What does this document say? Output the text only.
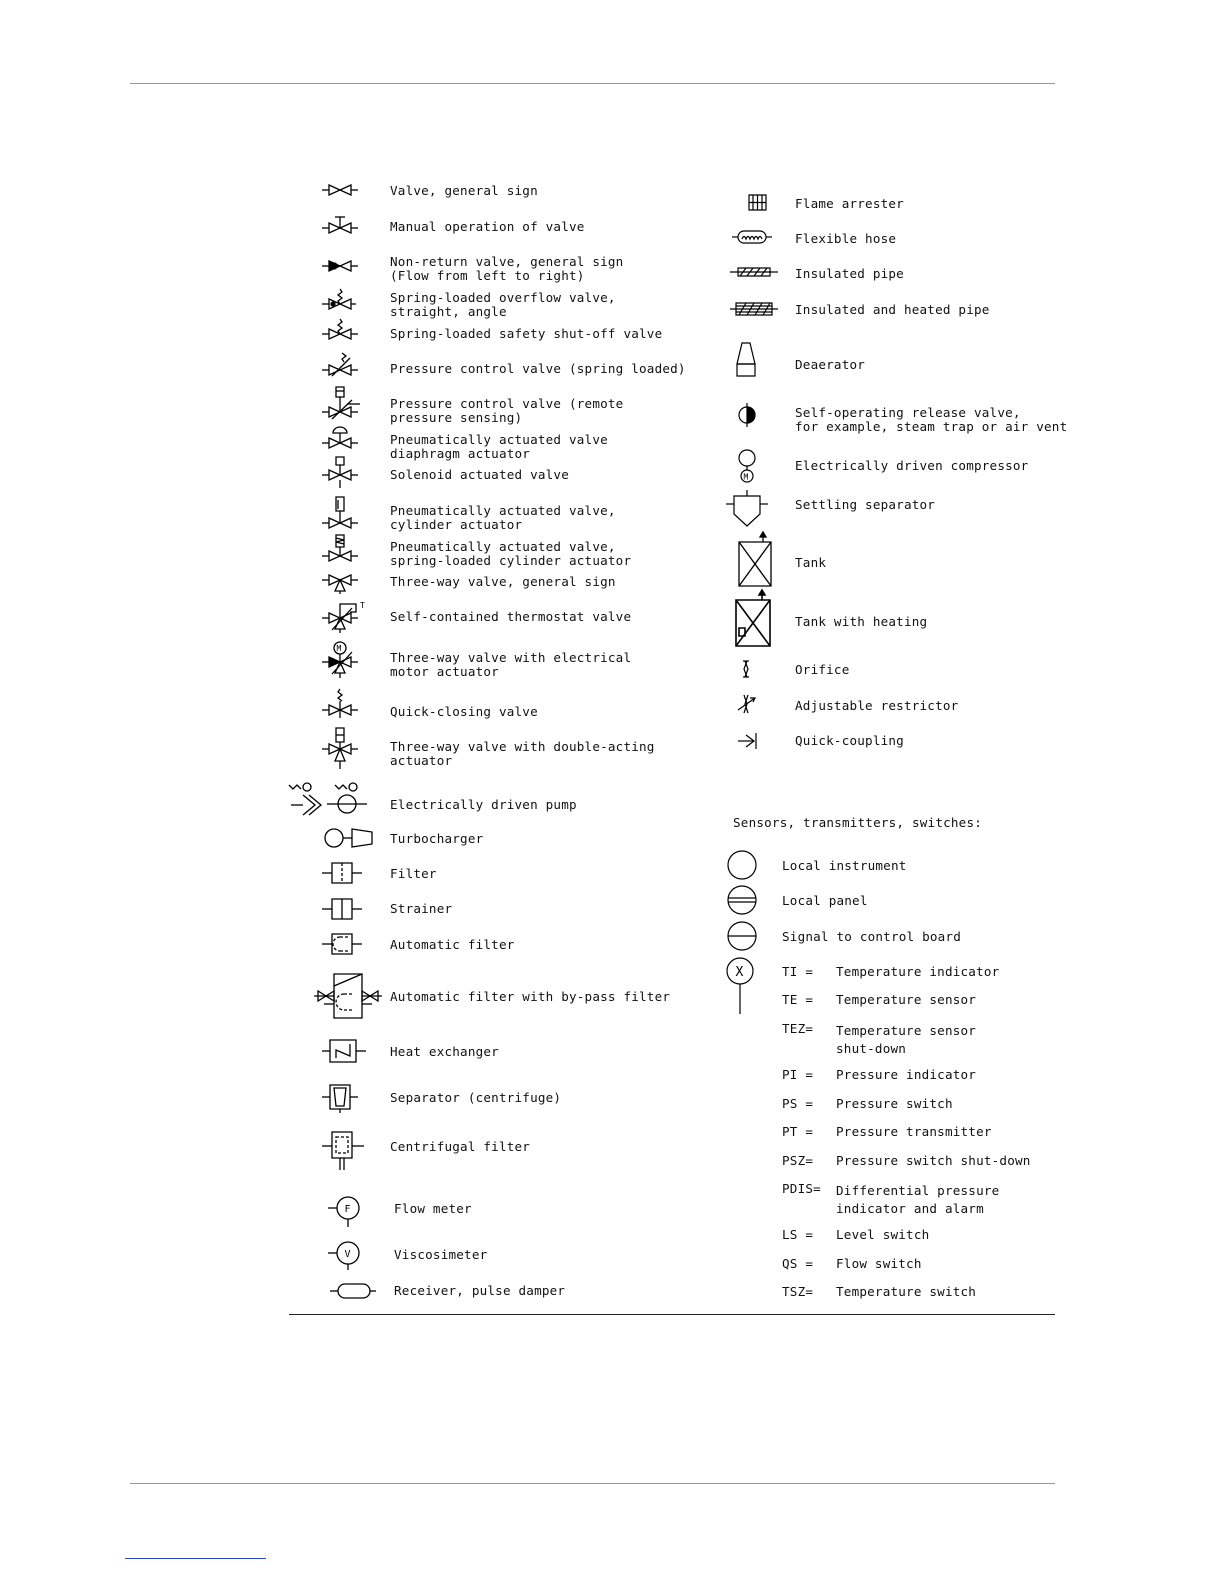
T
M
F
V
Valve, general sign
Manual operation of valve
Non-return valve, general sign
(Flow from left to right)
Spring-loaded overflow valve,
straight, angle
Spring-loaded safety shut-off valve
Pressure control valve (spring loaded)
Pressure control valve (remote
pressure sensing)
Pneumatically actuated valve
diaphragm actuator
Solenoid actuated valve
Pneumatically actuated valve,
cylinder actuator
Pneumatically actuated valve,
spring-loaded cylinder actuator
Three-way valve, general sign
Self-contained thermostat valve
Three-way valve with electrical
motor actuator
Quick-closing valve
Three-way valve with double-acting
actuator
Electrically driven pump
Turbocharger
Filter
Strainer
Automatic filter
Automatic filter with by-pass filter
Heat exchanger
Separator (centrifuge)
Centrifugal filter
Flow meter
Viscosimeter
Receiver, pulse damper
M
X
Flame arrester
Flexible hose
Insulated pipe
Insulated and heated pipe
Deaerator
Self-operating release valve,
for example, steam trap or air vent
Electrically driven compressor
Settling separator
Tank
Tank with heating
Orifice
Adjustable restrictor
Quick-coupling
Sensors, transmitters, switches:
Local instrument
Local panel
Signal to control board
TI = Temperature indicator
TE = Temperature sensor
TEZ= Temperature sensor
shut-down
PI = Pressure indicator
PS = Pressure switch
PT = Pressure transmitter
PSZ= Pressure switch shut-down
PDIS= Differential pressure
indicator and alarm
LS = Level switch
QS = Flow switch
TSZ= Temperature switch
